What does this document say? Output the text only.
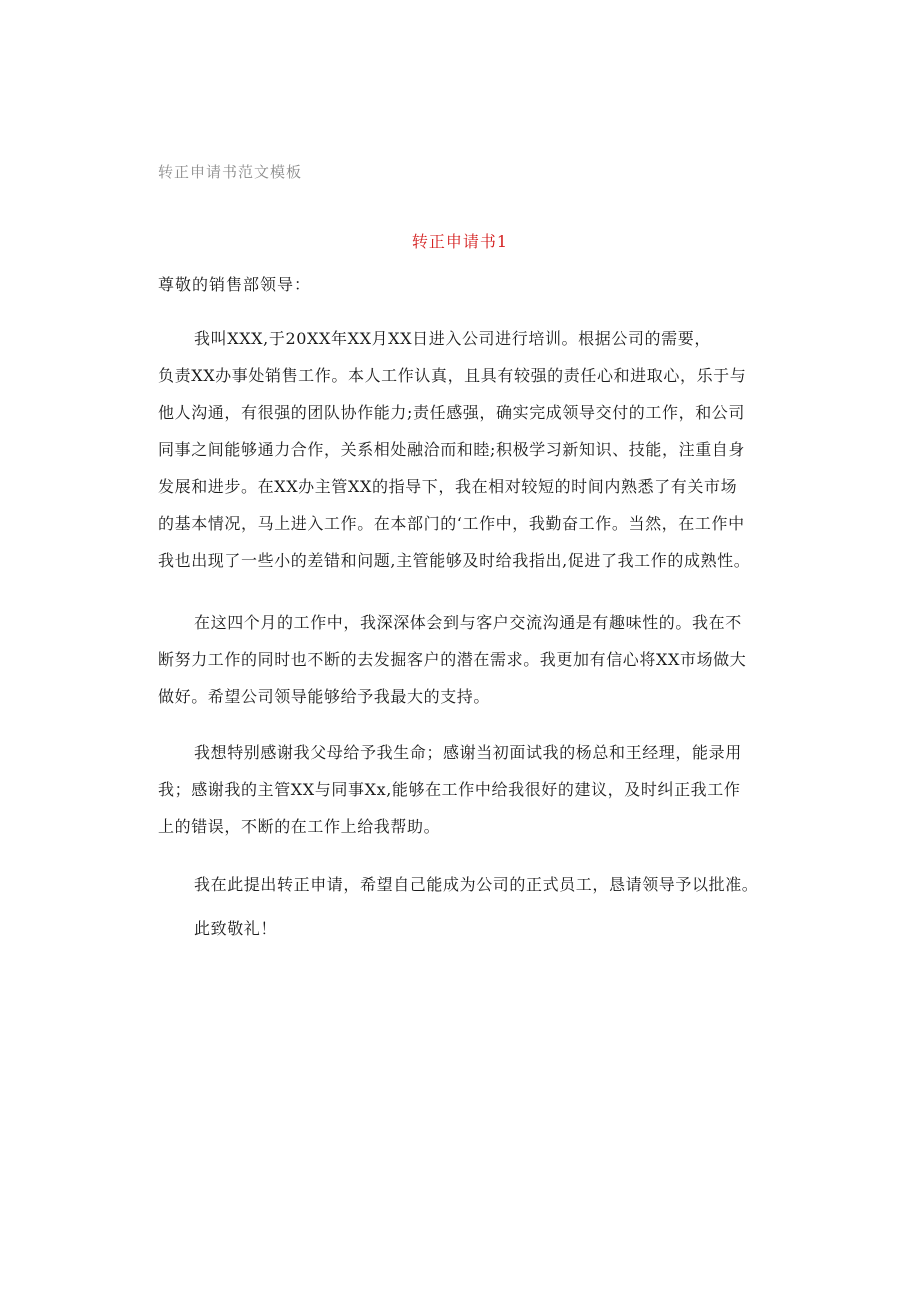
转正申请书范文模板
转正申请书1
尊敬的销售部领导：
我叫XXX,于20XX年XX月XX日进入公司进行培训。根据公司的需要，
负责XX办事处销售工作。本人工作认真，且具有较强的责任心和进取心，乐于与
他人沟通，有很强的团队协作能力;责任感强，确实完成领导交付的工作，和公司
同事之间能够通力合作，关系相处融洽而和睦;积极学习新知识、技能，注重自身
发展和进步。在XX办主管XX的指导下，我在相对较短的时间内熟悉了有关市场
的基本情况，马上进入工作。在本部门的‘工作中，我勤奋工作。当然，在工作中
我也出现了一些小的差错和问题,主管能够及时给我指出,促进了我工作的成熟性。
在这四个月的工作中，我深深体会到与客户交流沟通是有趣味性的。我在不
断努力工作的同时也不断的去发掘客户的潜在需求。我更加有信心将XX市场做大
做好。希望公司领导能够给予我最大的支持。
我想特别感谢我父母给予我生命；感谢当初面试我的杨总和王经理，能录用
我；感谢我的主管XX与同事Xx,能够在工作中给我很好的建议，及时纠正我工作
上的错误，不断的在工作上给我帮助。
我在此提出转正申请，希望自己能成为公司的正式员工，恳请领导予以批准。
此致敬礼！
